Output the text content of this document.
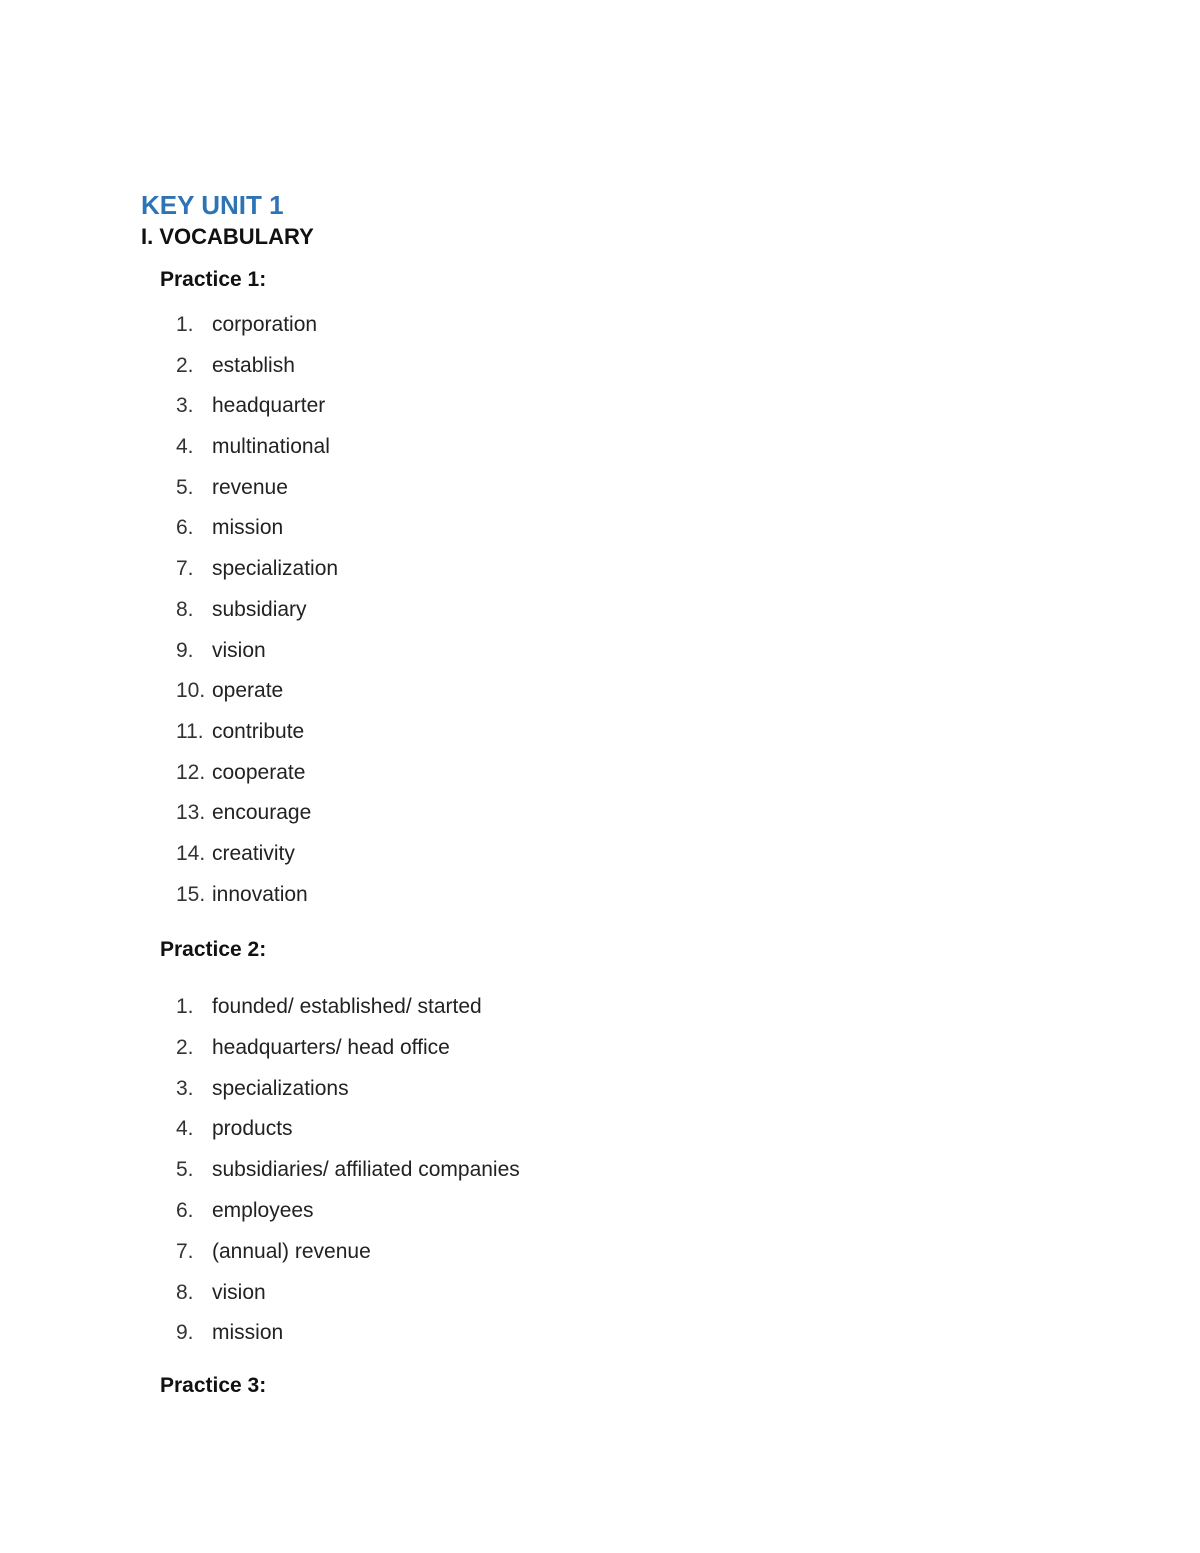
KEY UNIT 1
I. VOCABULARY
Practice 1:
1. corporation
2. establish
3. headquarter
4. multinational
5. revenue
6. mission
7. specialization
8. subsidiary
9. vision
10. operate
11. contribute
12. cooperate
13. encourage
14. creativity
15. innovation
Practice 2:
1. founded/ established/ started
2. headquarters/ head office
3. specializations
4. products
5. subsidiaries/ affiliated companies
6. employees
7. (annual) revenue
8. vision
9. mission
Practice 3:
